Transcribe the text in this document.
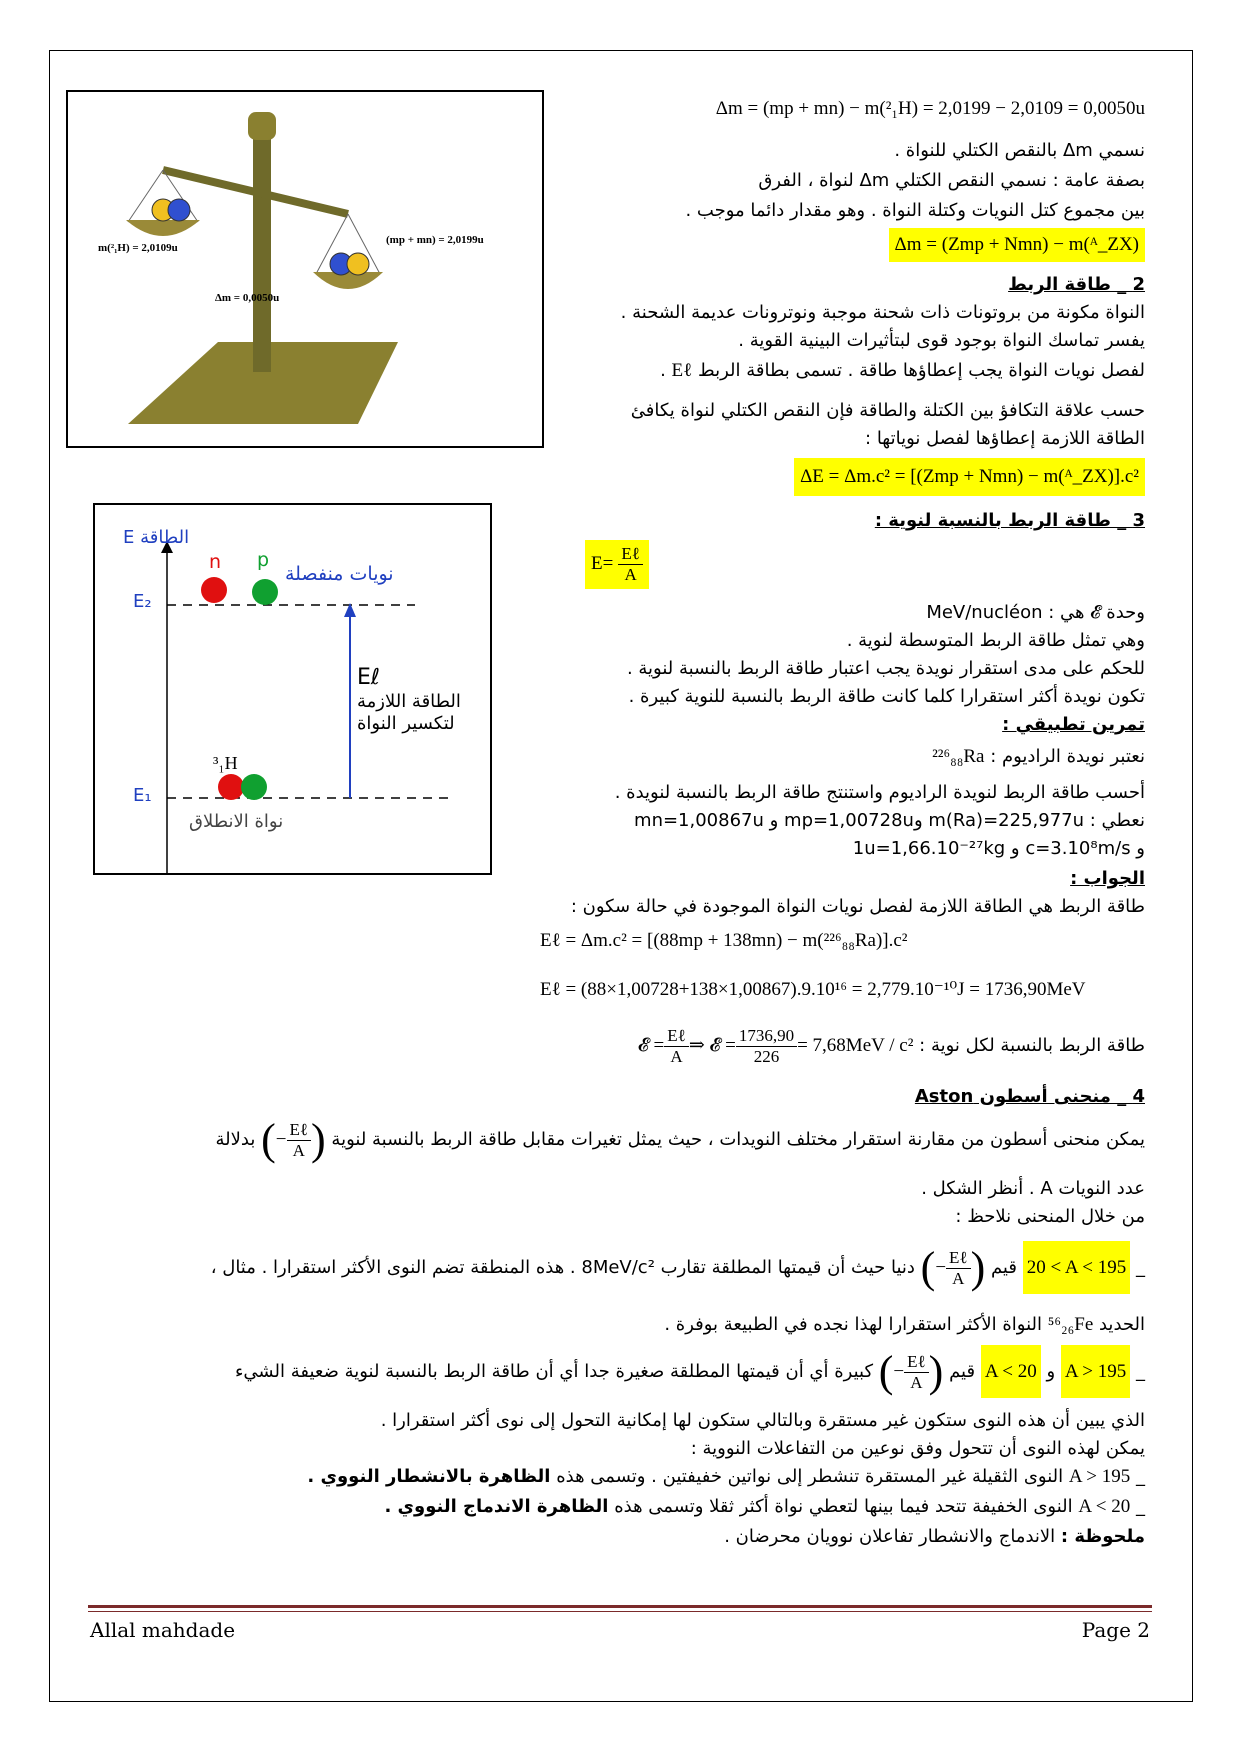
m(²₁H) = 2,0109u
(mp + mn) = 2,0199u
Δm = 0,0050u
E الطاقة
n p
نويات منفصلة
E₂
E₁
Eℓ
الطاقة اللازمة
لتكسير النواة
³₁H
نواة الانطلاق
Δm = (mp + mn) − m(²₁H) = 2,0199 − 2,0109 = 0,0050u
نسمي Δm بالنقص الكتلي للنواة .
بصفة عامة : نسمي النقص الكتلي Δm لنواة ، الفرق
بين مجموع كتل النويات وكتلة النواة . وهو مقدار دائما موجب .
Δm = (Zmp + Nmn) − m(ᴬ_ZX)
2 _ طاقة الربط
النواة مكونة من بروتونات ذات شحنة موجبة ونوترونات عديمة الشحنة .
يفسر تماسك النواة بوجود قوى لبتأثيرات البينية القوية .
لفصل نويات النواة يجب إعطاؤها طاقة . تسمى بطاقة الربط Eℓ .
حسب علاقة التكافؤ بين الكتلة والطاقة فإن النقص الكتلي لنواة يكافئ
الطاقة اللازمة إعطاؤها لفصل نوياتها :
ΔE = Δm.c² = [(Zmp + Nmn) − m(ᴬ_ZX)].c²
3 _ طاقة الربط بالنسبة لنوية :
$E= \frac{\text{Eℓ}}{A}$
وحدة 𝓔 هي : MeV/nucléon
وهي تمثل طاقة الربط المتوسطة لنوية .
للحكم على مدى استقرار نويدة يجب اعتبار طاقة الربط بالنسبة لنوية .
تكون نويدة أكثر استقرارا كلما كانت طاقة الربط بالنسبة للنوية كبيرة .
تمرين تطبيقي :
نعتبر نويدة الراديوم : ²²⁶₈₈Ra
أحسب طاقة الربط لنويدة الراديوم واستنتج طاقة الربط بالنسبة لنويدة .
نعطي : m(Ra)=225,977u وmp=1,00728u و mn=1,00867u
و c=3.10⁸m/s و 1u=1,66.10⁻²⁷kg
الجواب :
طاقة الربط هي الطاقة اللازمة لفصل نويات النواة الموجودة في حالة سكون :
Eℓ = Δm.c² = [(88mp + 138mn) − m(²²⁶₈₈Ra)].c²
Eℓ = (88×1,00728+138×1,00867).9.10¹⁶ = 2,779.10⁻¹⁰J = 1736,90MeV
طاقة الربط بالنسبة لكل نوية :
𝓔 = $\frac{\text{Eℓ}}{A}$ ⇒ 𝓔 = $\frac{1736,90}{226} = 7,68MeV / c^2$
4 _ منحنى أسطون Aston
يمكن منحنى أسطون من مقارنة استقرار مختلف النويدات ، حيث يمثل تغيرات مقابل طاقة الربط بالنسبة لنوية
( − $\frac{\text{Eℓ}}{A}$ )
بدلالة
عدد النويات A . أنظر الشكل .
من خلال المنحنى نلاحظ :
_ 20 < A < 195 قيم
( − $\frac{\text{Eℓ}}{A}$ )
دنيا حيث أن قيمتها المطلقة تقارب 8MeV/c² . هذه المنطقة تضم النوى الأكثر استقرارا . مثال ،
الحديد ⁵⁶₂₆Fe النواة الأكثر استقرارا لهذا نجده في الطبيعة بوفرة .
_ A > 195 و A < 20 قيم
( − $\frac{\text{Eℓ}}{A}$ )
كبيرة أي أن قيمتها المطلقة صغيرة جدا أي أن طاقة الربط بالنسبة لنوية ضعيفة الشيء
الذي يبين أن هذه النوى ستكون غير مستقرة وبالتالي ستكون لها إمكانية التحول إلى نوى أكثر استقرارا .
يمكن لهذه النوى أن تتحول وفق نوعين من التفاعلات النووية :
_ A > 195 النوى الثقيلة غير المستقرة تنشطر إلى نواتين خفيفتين . وتسمى هذه الظاهرة بالانشطار النووي .
_ A < 20 النوى الخفيفة تتحد فيما بينها لتعطي نواة أكثر ثقلا وتسمى هذه الظاهرة الاندماج النووي .
ملحوظة : الاندماج والانشطار تفاعلان نوويان محرضان .
Allal mahdade	Page 2
